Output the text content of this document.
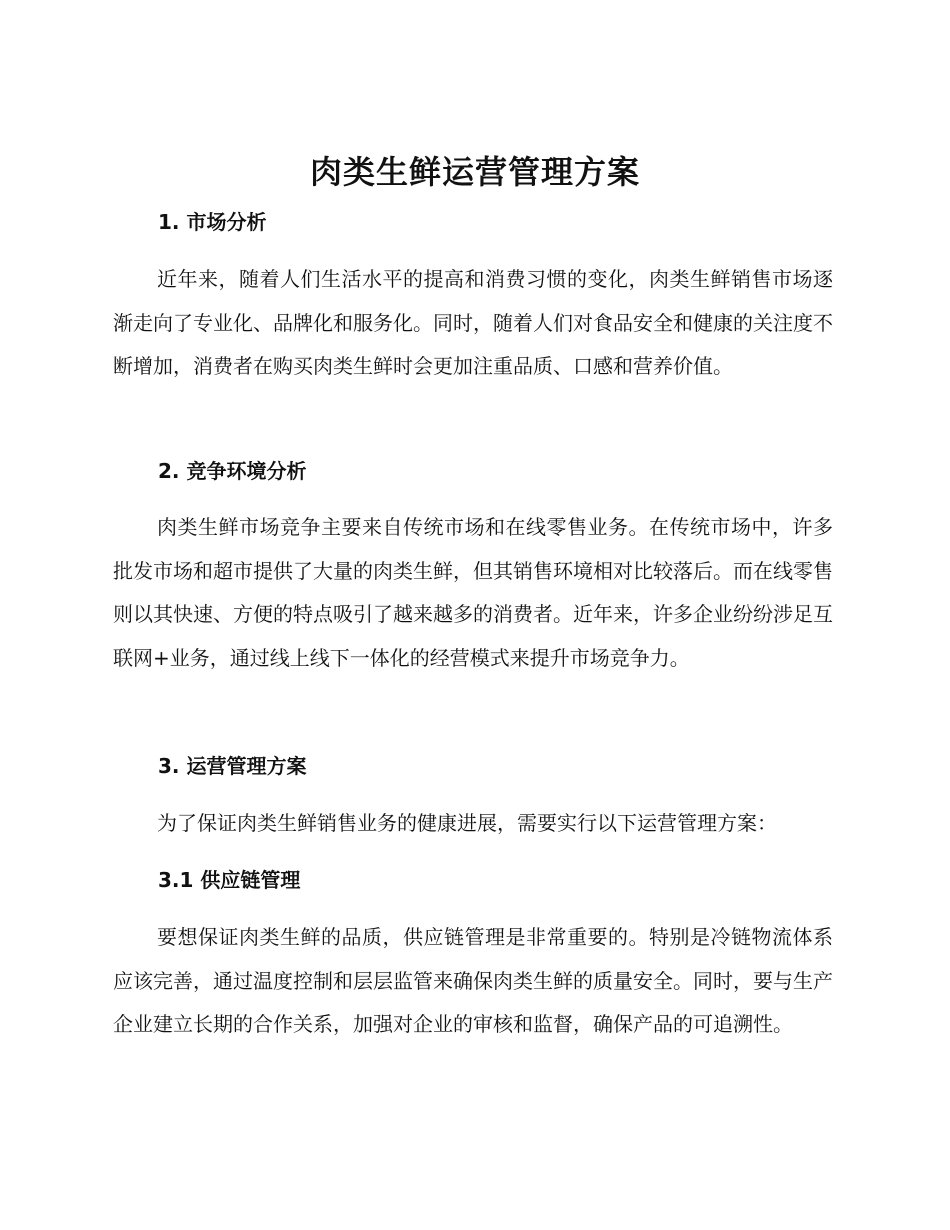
肉类生鲜运营管理方案
1. 市场分析

近年来，随着人们生活水平的提高和消费习惯的变化，肉类生鲜销售市场逐渐走向了专业化、品牌化和服务化。同时，随着人们对食品安全和健康的关注度不断增加，消费者在购买肉类生鲜时会更加注重品质、口感和营养价值。

2. 竞争环境分析

肉类生鲜市场竞争主要来自传统市场和在线零售业务。在传统市场中，许多批发市场和超市提供了大量的肉类生鲜，但其销售环境相对比较落后。而在线零售则以其快速、方便的特点吸引了越来越多的消费者。近年来，许多企业纷纷涉足互联网+业务，通过线上线下一体化的经营模式来提升市场竞争力。

3. 运营管理方案

为了保证肉类生鲜销售业务的健康进展，需要实行以下运营管理方案：

3.1 供应链管理

要想保证肉类生鲜的品质，供应链管理是非常重要的。特别是冷链物流体系应该完善，通过温度控制和层层监管来确保肉类生鲜的质量安全。同时，要与生产企业建立长期的合作关系，加强对企业的审核和监督，确保产品的可追溯性。
